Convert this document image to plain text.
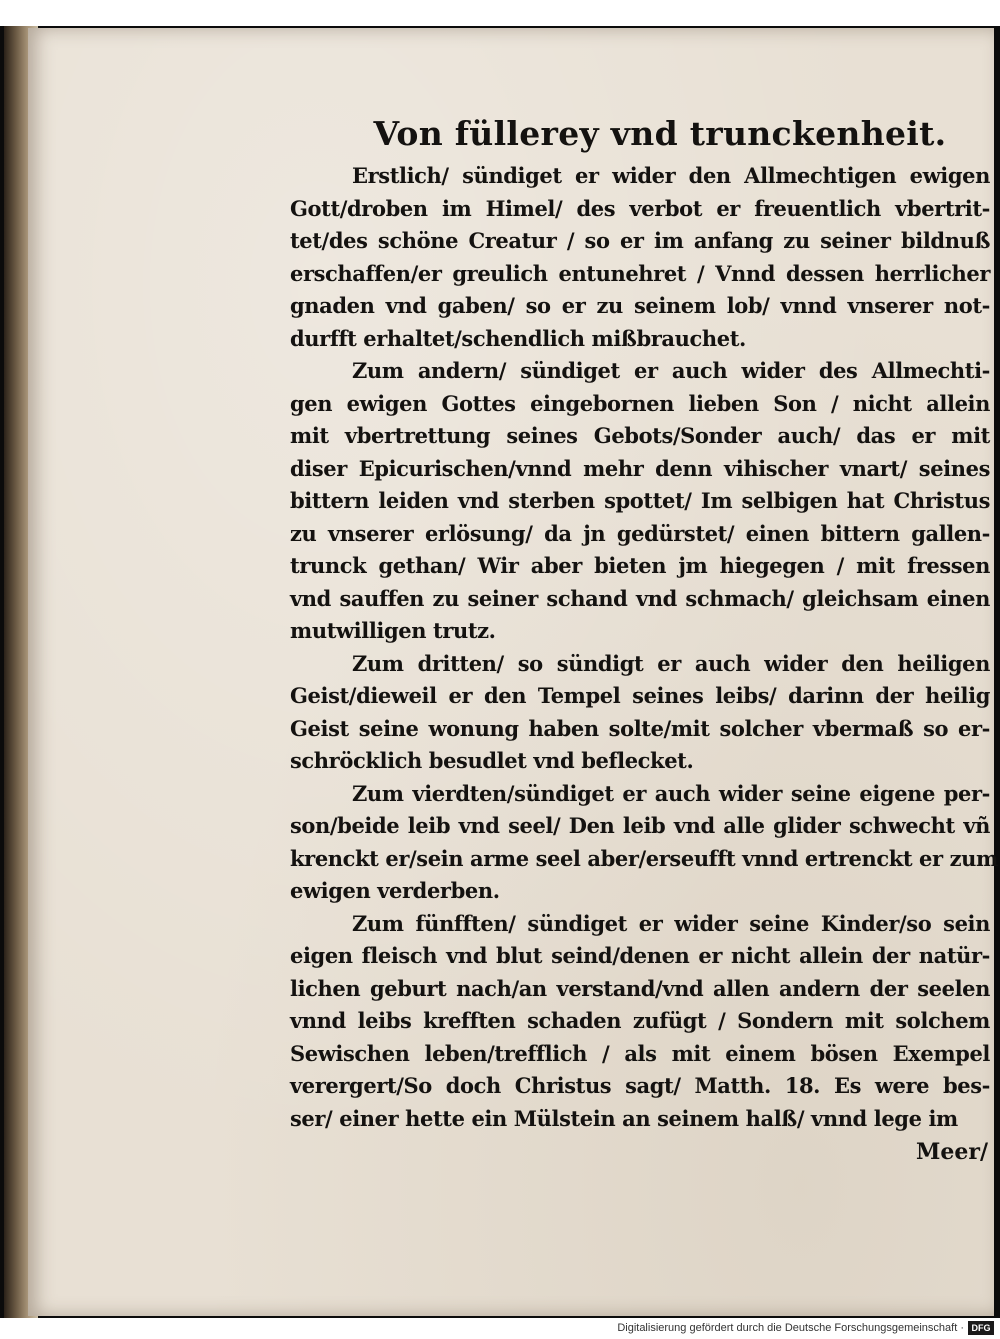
Von füllerey vnd trunckenheit.
Erstlich/ sündiget er wider den Allmechtigen ewigen
Gott/droben im Himel/ des verbot er freuentlich vbertrit-
tet/des schöne Creatur / so er im anfang zu seiner bildnuß
erschaffen/er greulich entunehret / Vnnd dessen herrlicher
gnaden vnd gaben/ so er zu seinem lob/ vnnd vnserer not-
durfft erhaltet/schendlich mißbrauchet.
Zum andern/ sündiget er auch wider des Allmechti-
gen ewigen Gottes eingebornen lieben Son / nicht allein
mit vbertrettung seines Gebots/Sonder auch/ das er mit
diser Epicurischen/vnnd mehr denn vihischer vnart/ seines
bittern leiden vnd sterben spottet/ Im selbigen hat Christus
zu vnserer erlösung/ da jn gedürstet/ einen bittern gallen-
trunck gethan/ Wir aber bieten jm hiegegen / mit fressen
vnd sauffen zu seiner schand vnd schmach/ gleichsam einen
mutwilligen trutz.
Zum dritten/ so sündigt er auch wider den heiligen
Geist/dieweil er den Tempel seines leibs/ darinn der heilig
Geist seine wonung haben solte/mit solcher vbermaß so er-
schröcklich besudlet vnd beflecket.
Zum vierdten/sündiget er auch wider seine eigene per-
son/beide leib vnd seel/ Den leib vnd alle glider schwecht vñ
krenckt er/sein arme seel aber/erseufft vnnd ertrenckt er zum
ewigen verderben.
Zum fünfften/ sündiget er wider seine Kinder/so sein
eigen fleisch vnd blut seind/denen er nicht allein der natür-
lichen geburt nach/an verstand/vnd allen andern der seelen
vnnd leibs krefften schaden zufügt / Sondern mit solchem
Sewischen leben/trefflich / als mit einem bösen Exempel
verergert/So doch Christus sagt/ Matth. 18. Es were bes-
ser/ einer hette ein Mülstein an seinem halß/ vnnd lege im
Meer/
Digitalisierung gefördert durch die Deutsche Forschungsgemeinschaft · DFG
